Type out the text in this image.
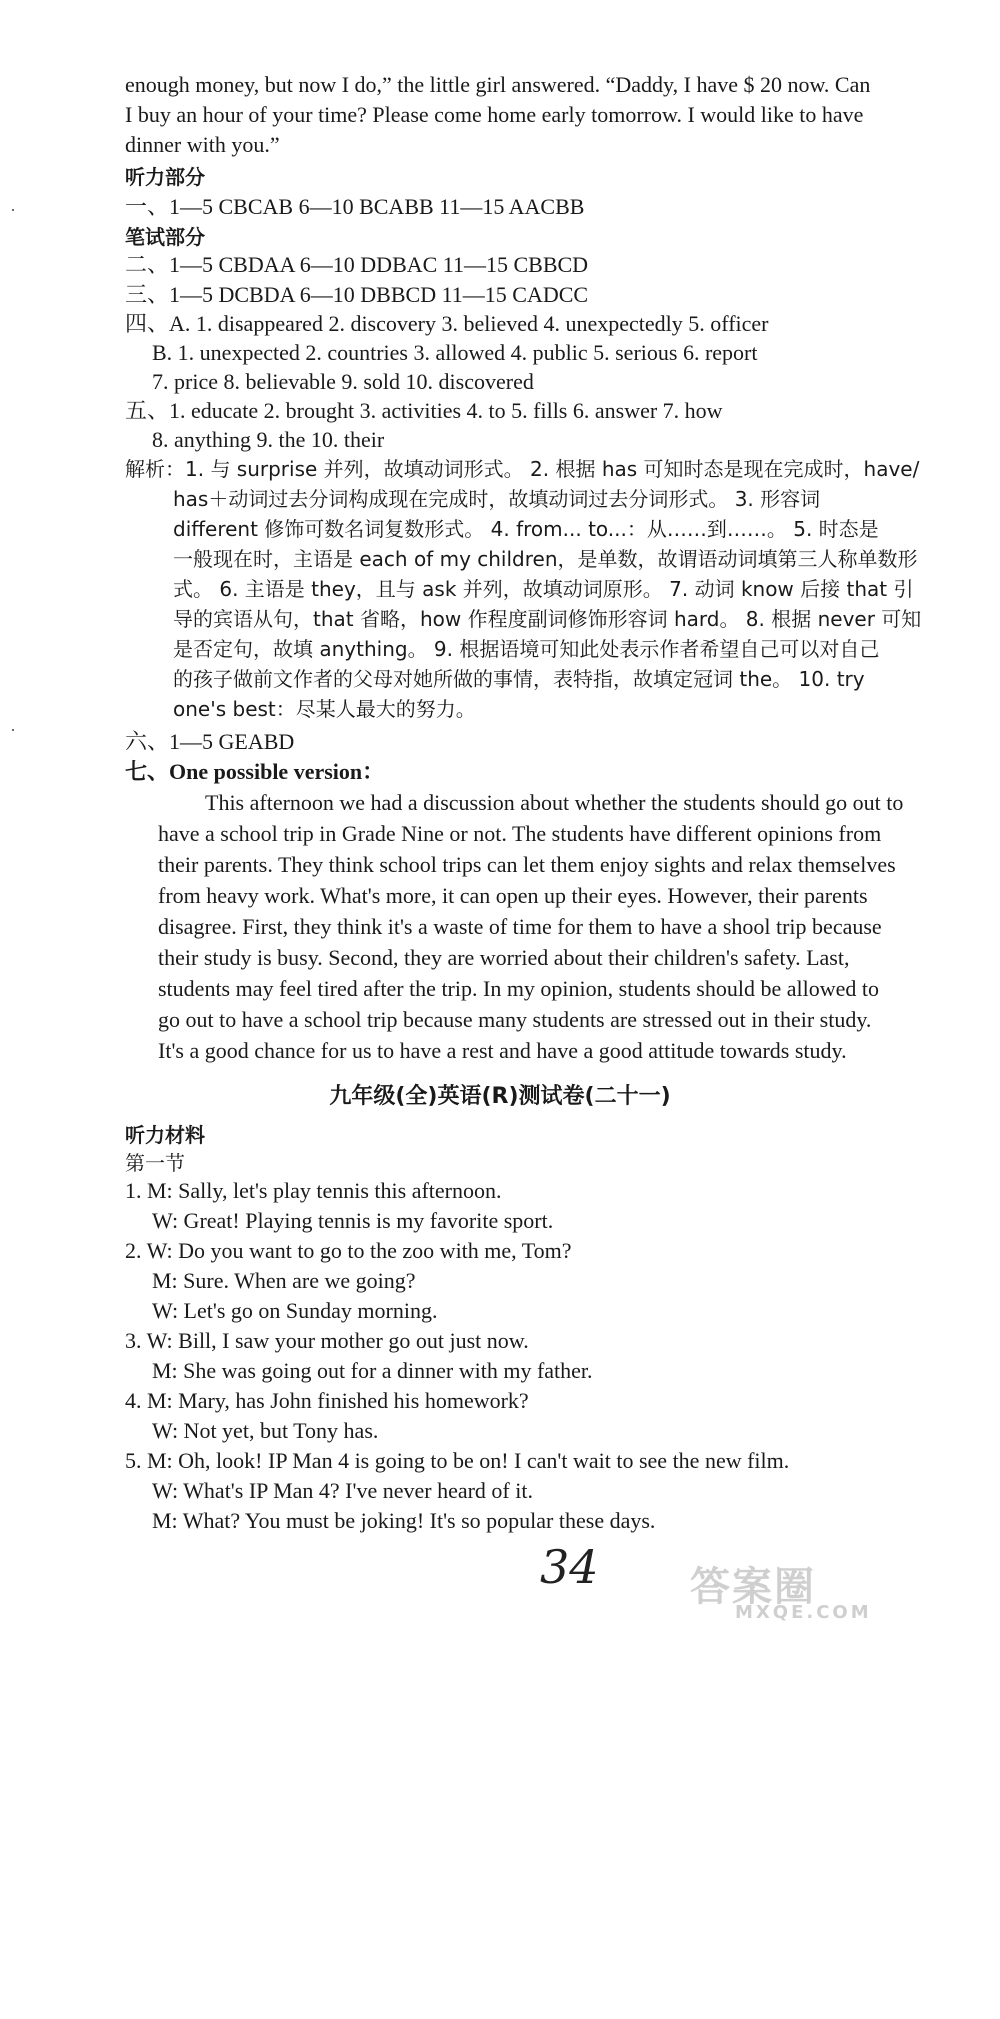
enough money, but now I do,” the little girl answered. “Daddy, I have $ 20 now. Can
I buy an hour of your time? Please come home early tomorrow. I would like to have
dinner with you.”
听力部分
一、1—5 CBCAB 6—10 BCABB 11—15 AACBB
笔试部分
二、1—5 CBDAA 6—10 DDBAC 11—15 CBBCD
三、1—5 DCBDA 6—10 DBBCD 11—15 CADCC
四、A. 1. disappeared 2. discovery 3. believed 4. unexpectedly 5. officer
B. 1. unexpected 2. countries 3. allowed 4. public 5. serious 6. report
7. price 8. believable 9. sold 10. discovered
五、1. educate 2. brought 3. activities 4. to 5. fills 6. answer 7. how
8. anything 9. the 10. their
解析：1. 与 surprise 并列，故填动词形式。 2. 根据 has 可知时态是现在完成时，have/
has＋动词过去分词构成现在完成时，故填动词过去分词形式。 3. 形容词
different 修饰可数名词复数形式。 4. from... to...：从……到……。 5. 时态是
一般现在时，主语是 each of my children，是单数，故谓语动词填第三人称单数形
式。 6. 主语是 they，且与 ask 并列，故填动词原形。 7. 动词 know 后接 that 引
导的宾语从句，that 省略，how 作程度副词修饰形容词 hard。 8. 根据 never 可知
是否定句，故填 anything。 9. 根据语境可知此处表示作者希望自己可以对自己
的孩子做前文作者的父母对她所做的事情，表特指，故填定冠词 the。 10. try
one's best：尽某人最大的努力。
六、1—5 GEABD
七、One possible version：
This afternoon we had a discussion about whether the students should go out to
have a school trip in Grade Nine or not. The students have different opinions from
their parents. They think school trips can let them enjoy sights and relax themselves
from heavy work. What's more, it can open up their eyes. However, their parents
disagree. First, they think it's a waste of time for them to have a shool trip because
their study is busy. Second, they are worried about their children's safety. Last,
students may feel tired after the trip. In my opinion, students should be allowed to
go out to have a school trip because many students are stressed out in their study.
It's a good chance for us to have a rest and have a good attitude towards study.
九年级(全)英语(R)测试卷(二十一)
听力材料
第一节
1. M: Sally, let's play tennis this afternoon.
W: Great! Playing tennis is my favorite sport.
2. W: Do you want to go to the zoo with me, Tom?
M: Sure. When are we going?
W: Let's go on Sunday morning.
3. W: Bill, I saw your mother go out just now.
M: She was going out for a dinner with my father.
4. M: Mary, has John finished his homework?
W: Not yet, but Tony has.
5. M: Oh, look! IP Man 4 is going to be on! I can't wait to see the new film.
W: What's IP Man 4? I've never heard of it.
M: What? You must be joking! It's so popular these days.
·
·
34 答案圈
MXQE.COM
